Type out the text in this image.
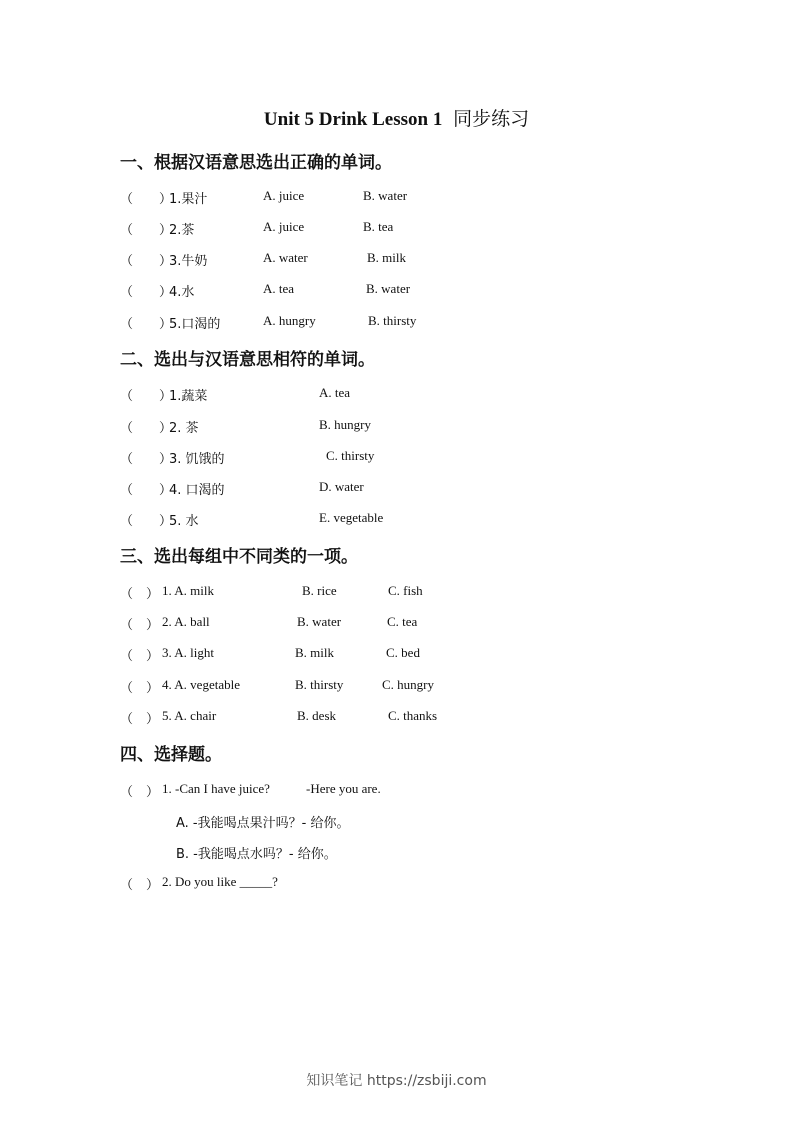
Unit 5 Drink Lesson 1 同步练习
一、根据汉语意思选出正确的单词。
（　　）
1.果汁	A. juice	B. water
（　　）
2.茶	A. juice	B. tea
（　　）
3.牛奶	A. water	B. milk
（　　）
4.水	A. tea	B. water
（　　）
5.口渴的	A. hungry	B. thirsty
二、选出与汉语意思相符的单词。
（　　）
1.蔬菜	A. tea
（　　）
2. 茶	B. hungry
（　　）
3. 饥饿的	C. thirsty
（　　）
4. 口渴的	D. water
（　　）
5. 水	E. vegetable
三、选出每组中不同类的一项。
（　） 1. A. milk	B. rice	C. fish
（　） 2. A. ball	B. water	C. tea
（　） 3. A. light	B. milk	C. bed
（　） 4. A. vegetable	B. thirsty	C. hungry
（　） 5. A. chair	B. desk	C. thanks
四、选择题。
（　） 1. -Can I have juice?	-Here you are.
A. -我能喝点果汁吗？- 给你。
B. -我能喝点水吗？- 给你。
（　） 2. Do you like _____?
知识笔记 https://zsbiji.com
